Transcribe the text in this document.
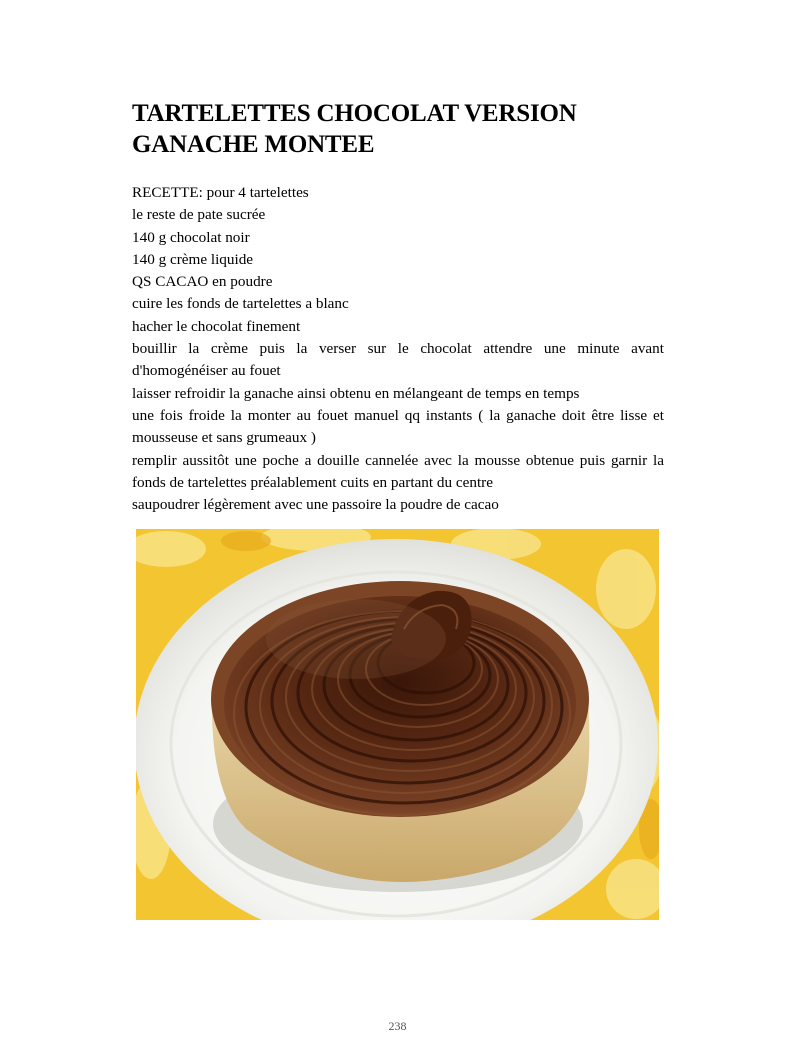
TARTELETTES CHOCOLAT VERSION
GANACHE MONTEE
RECETTE: pour 4 tartelettes
le reste de pate sucrée
140 g chocolat noir
140 g crème liquide
QS CACAO en poudre
cuire les fonds de tartelettes a blanc
hacher le chocolat finement
bouillir la crème puis la verser sur le chocolat attendre une minute avant d'homogénéiser au fouet
laisser refroidir la ganache ainsi obtenu en mélangeant de temps en temps
une fois froide la monter au fouet manuel qq instants ( la ganache doit être lisse et mousseuse et sans grumeaux )
remplir aussitôt une poche a douille cannelée avec la mousse obtenue puis garnir la fonds de tartelettes préalablement cuits en partant du centre
saupoudrer légèrement avec une passoire la poudre de cacao
238
